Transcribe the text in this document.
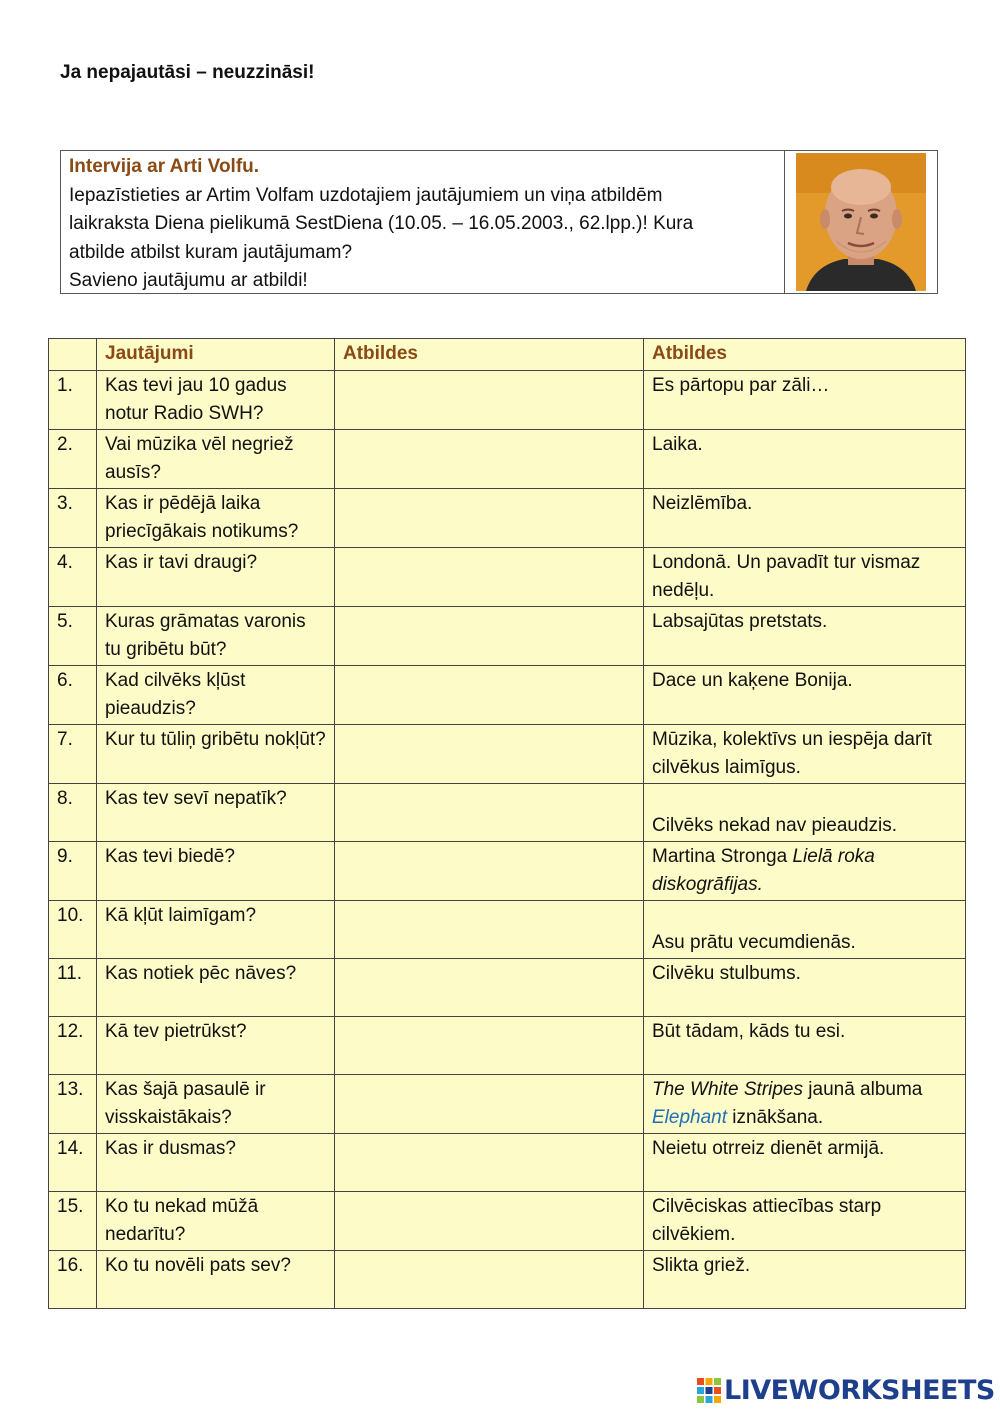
Ja nepajautāsi – neuzzināsi!
Intervija ar Arti Volfu.
Iepazīstieties ar Artim Volfam uzdotajiem jautājumiem un viņa atbildēm
laikraksta Diena pielikumā SestDiena (10.05. – 16.05.2003., 62.lpp.)! Kura
atbilde atbilst kuram jautājumam?
Savieno jautājumu ar atbildi!
	Jautājumi	Atbildes	Atbildes
1.	Kas tevi jau 10 gadus notur Radio SWH?		Es pārtopu par zāli…
2.	Vai mūzika vēl negriež ausīs?		Laika.
3.	Kas ir pēdējā laika priecīgākais notikums?		Neizlēmība.
4.	Kas ir tavi draugi?		Londonā. Un pavadīt tur vismaz nedēļu.
5.	Kuras grāmatas varonis tu gribētu būt?		Labsajūtas pretstats.
6.	Kad cilvēks kļūst pieaudzis?		Dace un kaķene Bonija.
7.	Kur tu tūliņ gribētu nokļūt?		Mūzika, kolektīvs un iespēja darīt cilvēkus laimīgus.
8.	Kas tev sevī nepatīk?		Cilvēks nekad nav pieaudzis.
9.	Kas tevi biedē?		Martina Stronga Lielā roka diskogrāfijas.
10.	Kā kļūt laimīgam?		Asu prātu vecumdienās.
11.	Kas notiek pēc nāves?		Cilvēku stulbums.
12.	Kā tev pietrūkst?		Būt tādam, kāds tu esi.
13.	Kas šajā pasaulē ir visskaistākais?		The White Stripes jaunā albuma Elephant iznākšana.
14.	Kas ir dusmas?		Neietu otrreiz dienēt armijā.
15.	Ko tu nekad mūžā nedarītu?		Cilvēciskas attiecības starp cilvēkiem.
16.	Ko tu novēli pats sev?		Slikta griež.
LIVEWORKSHEETS
